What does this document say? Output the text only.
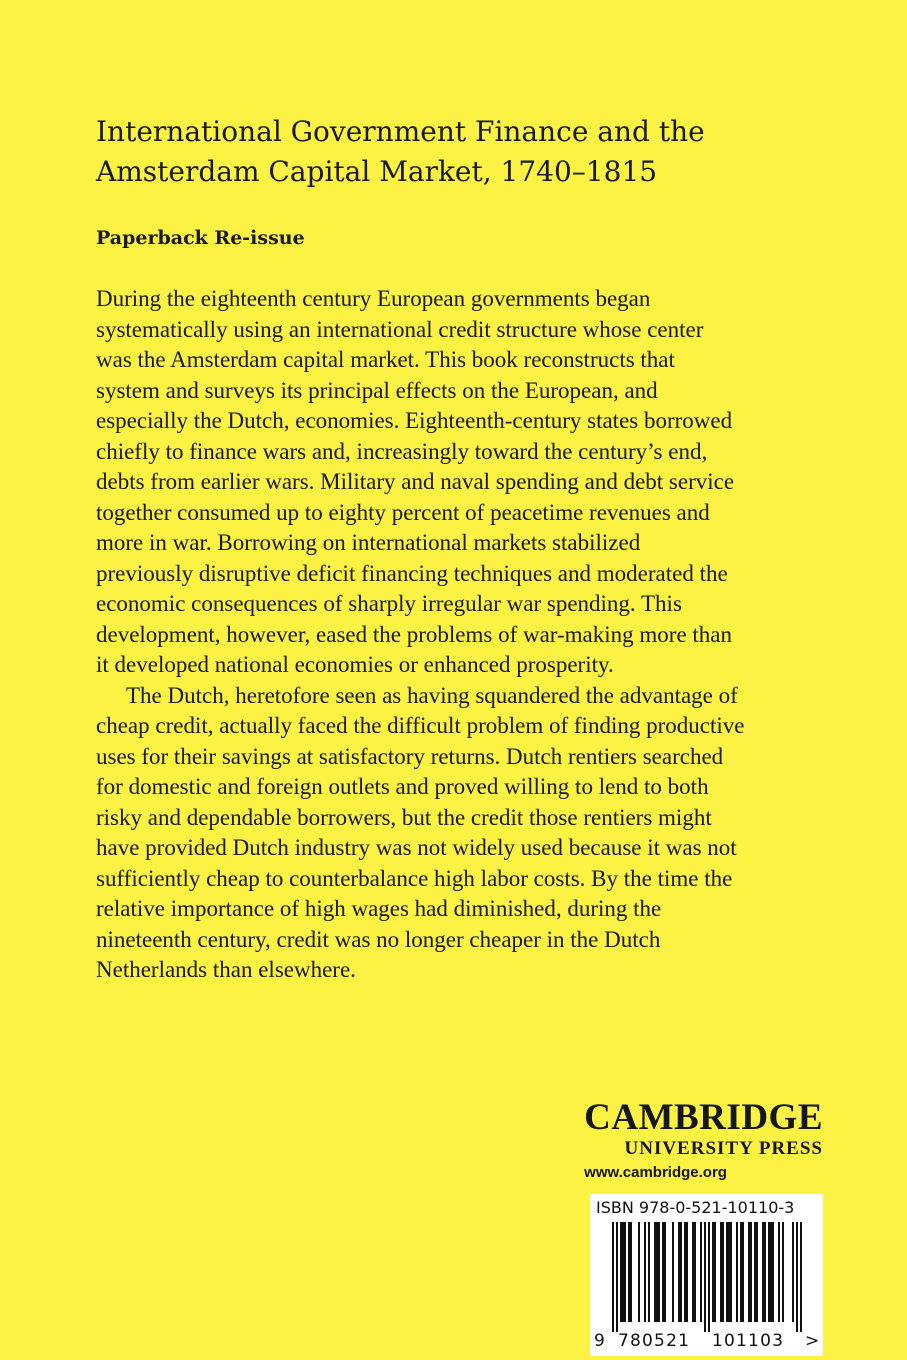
International Government Finance and the
Amsterdam Capital Market, 1740–1815
Paperback Re-issue
During the eighteenth century European governments began
systematically using an international credit structure whose center
was the Amsterdam capital market. This book reconstructs that
system and surveys its principal effects on the European, and
especially the Dutch, economies. Eighteenth-century states borrowed
chiefly to finance wars and, increasingly toward the century’s end,
debts from earlier wars. Military and naval spending and debt service
together consumed up to eighty percent of peacetime revenues and
more in war. Borrowing on international markets stabilized
previously disruptive deficit financing techniques and moderated the
economic consequences of sharply irregular war spending. This
development, however, eased the problems of war-making more than
it developed national economies or enhanced prosperity.
The Dutch, heretofore seen as having squandered the advantage of
cheap credit, actually faced the difficult problem of finding productive
uses for their savings at satisfactory returns. Dutch rentiers searched
for domestic and foreign outlets and proved willing to lend to both
risky and dependable borrowers, but the credit those rentiers might
have provided Dutch industry was not widely used because it was not
sufficiently cheap to counterbalance high labor costs. By the time the
relative importance of high wages had diminished, during the
nineteenth century, credit was no longer cheaper in the Dutch
Netherlands than elsewhere.
CAMBRIDGE
UNIVERSITY PRESS
www.cambridge.org
ISBN 978-0-521-10110-3
9 780521 101103 >
